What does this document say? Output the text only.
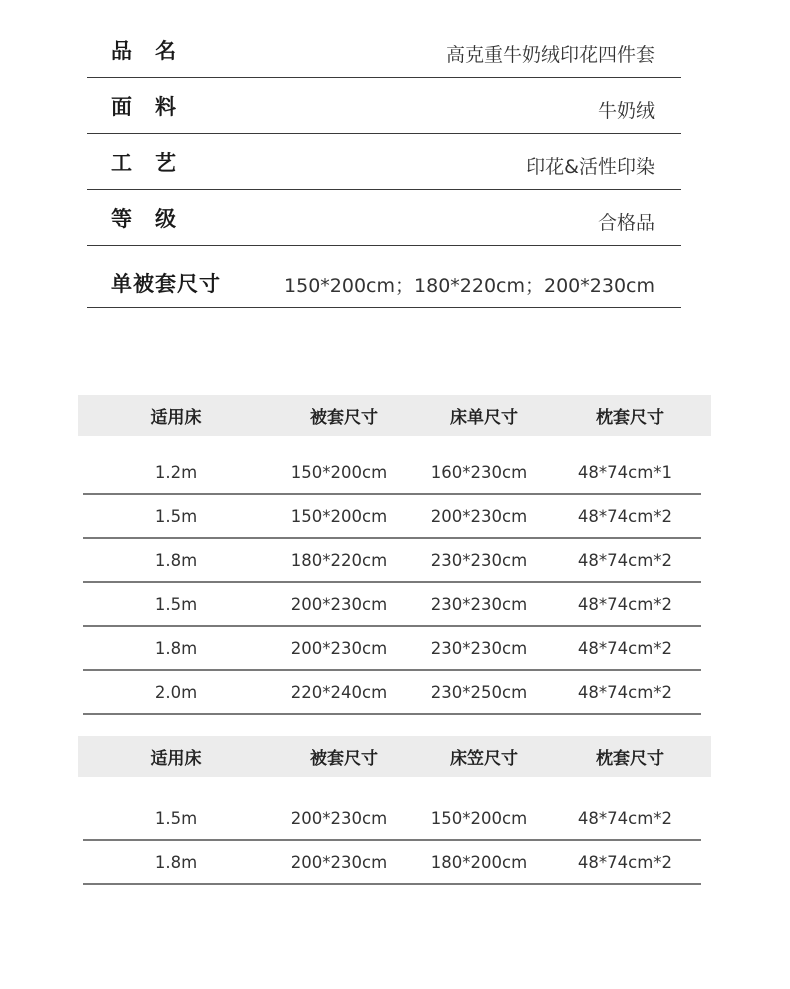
品　名	高克重牛奶绒印花四件套
面　料	牛奶绒
工　艺	印花&活性印染
等　级	合格品
单被套尺寸	150*200cm；180*220cm；200*230cm
适用床	被套尺寸	床单尺寸	枕套尺寸
1.2m	150*200cm	160*230cm	48*74cm*1
1.5m	150*200cm	200*230cm	48*74cm*2
1.8m	180*220cm	230*230cm	48*74cm*2
1.5m	200*230cm	230*230cm	48*74cm*2
1.8m	200*230cm	230*230cm	48*74cm*2
2.0m	220*240cm	230*250cm	48*74cm*2
适用床	被套尺寸	床笠尺寸	枕套尺寸
1.5m	200*230cm	150*200cm	48*74cm*2
1.8m	200*230cm	180*200cm	48*74cm*2
